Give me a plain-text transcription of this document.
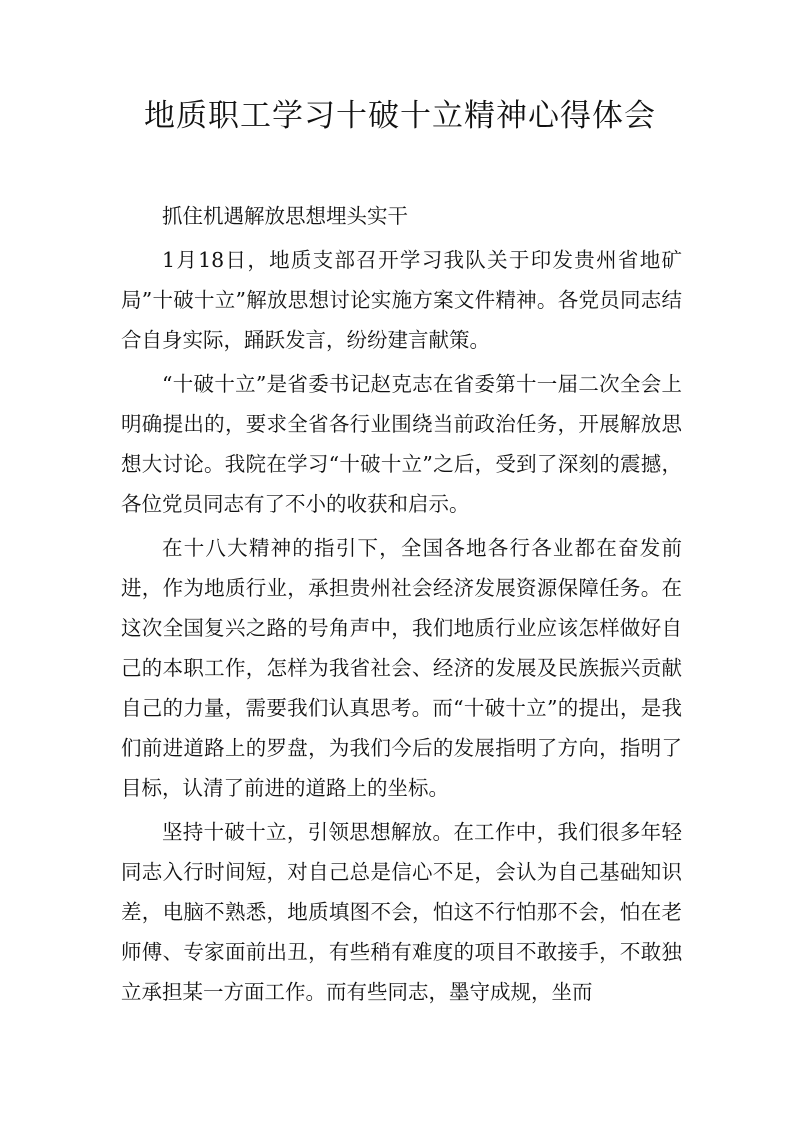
地质职工学习十破十立精神心得体会

抓住机遇解放思想埋头实干

1月18日，地质支部召开学习我队关于印发贵州省地矿局”十破十立”解放思想讨论实施方案文件精神。各党员同志结合自身实际，踊跃发言，纷纷建言献策。

“十破十立”是省委书记赵克志在省委第十一届二次全会上明确提出的，要求全省各行业围绕当前政治任务，开展解放思想大讨论。我院在学习“十破十立”之后，受到了深刻的震撼，各位党员同志有了不小的收获和启示。

在十八大精神的指引下，全国各地各行各业都在奋发前进，作为地质行业，承担贵州社会经济发展资源保障任务。在这次全国复兴之路的号角声中，我们地质行业应该怎样做好自己的本职工作，怎样为我省社会、经济的发展及民族振兴贡献自己的力量，需要我们认真思考。而“十破十立”的提出，是我们前进道路上的罗盘，为我们今后的发展指明了方向，指明了目标，认清了前进的道路上的坐标。

坚持十破十立，引领思想解放。在工作中，我们很多年轻同志入行时间短，对自己总是信心不足，会认为自己基础知识差，电脑不熟悉，地质填图不会，怕这不行怕那不会，怕在老师傅、专家面前出丑，有些稍有难度的项目不敢接手，不敢独立承担某一方面工作。而有些同志，墨守成规，坐而
